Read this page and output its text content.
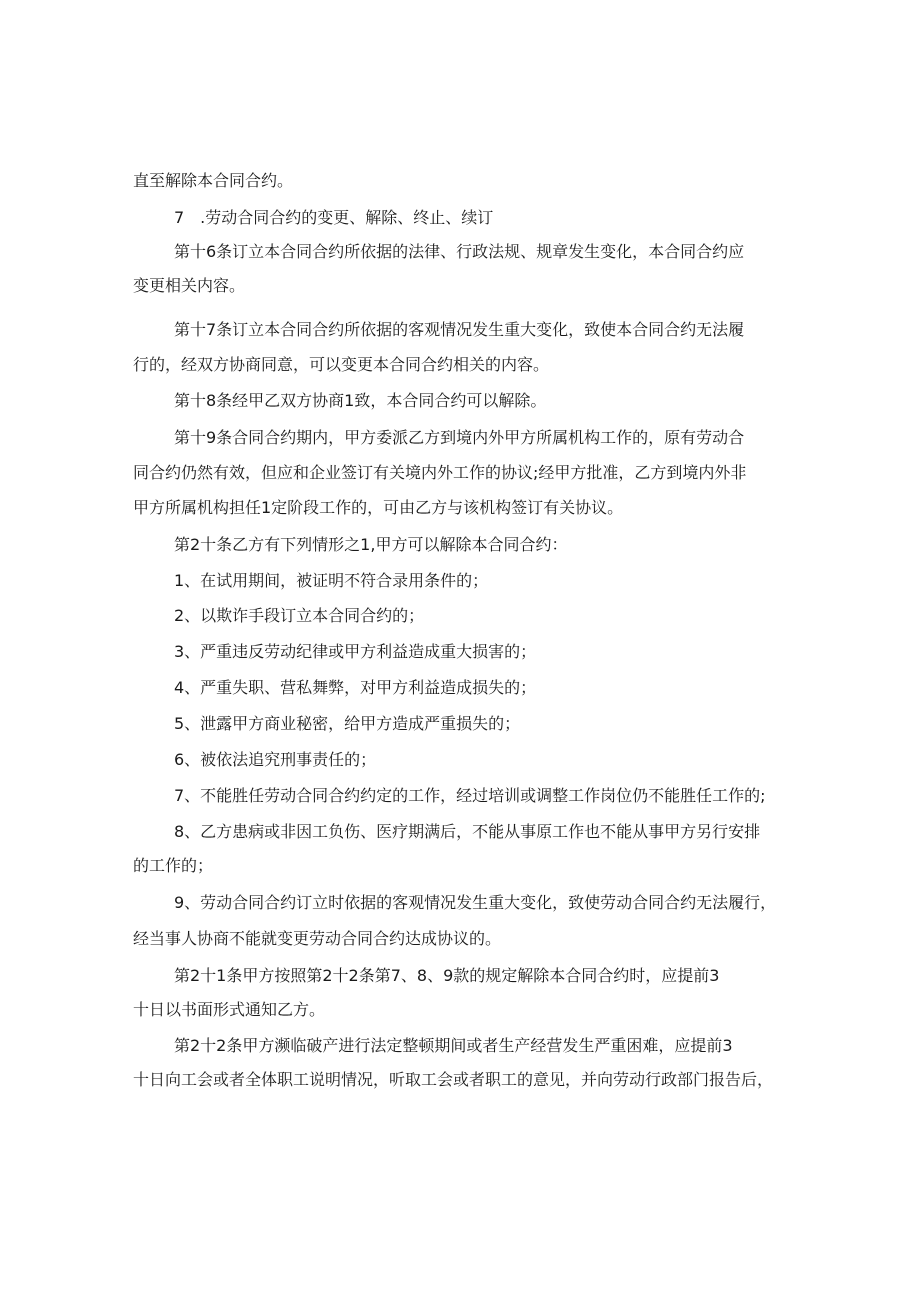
直至解除本合同合约。
7　.劳动合同合约的变更、解除、终止、续订
第十6条订立本合同合约所依据的法律、行政法规、规章发生变化，本合同合约应
变更相关内容。
第十7条订立本合同合约所依据的客观情况发生重大变化，致使本合同合约无法履
行的，经双方协商同意，可以变更本合同合约相关的内容。
第十8条经甲乙双方协商1致，本合同合约可以解除。
第十9条合同合约期内，甲方委派乙方到境内外甲方所属机构工作的，原有劳动合
同合约仍然有效，但应和企业签订有关境内外工作的协议;经甲方批准，乙方到境内外非
甲方所属机构担任1定阶段工作的，可由乙方与该机构签订有关协议。
第2十条乙方有下列情形之1,甲方可以解除本合同合约：
1、在试用期间，被证明不符合录用条件的；
2、以欺诈手段订立本合同合约的；
3、严重违反劳动纪律或甲方利益造成重大损害的；
4、严重失职、营私舞弊，对甲方利益造成损失的；
5、泄露甲方商业秘密，给甲方造成严重损失的；
6、被依法追究刑事责任的；
7、不能胜任劳动合同合约约定的工作，经过培训或调整工作岗位仍不能胜任工作的;
8、乙方患病或非因工负伤、医疗期满后，不能从事原工作也不能从事甲方另行安排
的工作的；
9、劳动合同合约订立时依据的客观情况发生重大变化，致使劳动合同合约无法履行，
经当事人协商不能就变更劳动合同合约达成协议的。
第2十1条甲方按照第2十2条第7、8、9款的规定解除本合同合约时，应提前3
十日以书面形式通知乙方。
第2十2条甲方濒临破产进行法定整顿期间或者生产经营发生严重困难，应提前3
十日向工会或者全体职工说明情况，听取工会或者职工的意见，并向劳动行政部门报告后，
